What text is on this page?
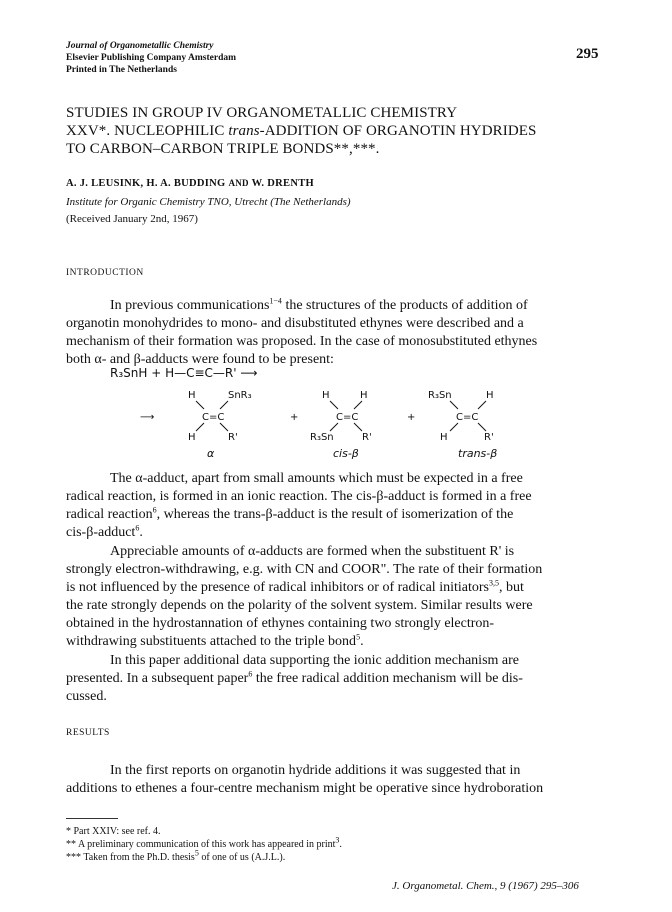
Journal of Organometallic Chemistry
Elsevier Publishing Company Amsterdam
Printed in The Netherlands
295
STUDIES IN GROUP IV ORGANOMETALLIC CHEMISTRY
XXV*. NUCLEOPHILIC trans-ADDITION OF ORGANOTIN HYDRIDES
TO CARBON–CARBON TRIPLE BONDS**,***.
A. J. LEUSINK, H. A. BUDDING AND W. DRENTH
Institute for Organic Chemistry TNO, Utrecht (The Netherlands)
(Received January 2nd, 1967)
INTRODUCTION
In previous communications$^{1-4}$ the structures of the products of addition of
organotin monohydrides to mono- and disubstituted ethynes were described and a
mechanism of their formation was proposed. In the case of monosubstituted ethynes
both α- and β-adducts were found to be present:
R₃SnH + H—C≡C—R' ⟶
⟶	+	+
H	SnR₃
C=C
H	R'
α
H	H
C=C
R₃Sn	R'
cis-β
R₃Sn	H
C=C
H	R'
trans-β
The α-adduct, apart from small amounts which must be expected in a free
radical reaction, is formed in an ionic reaction. The cis-β-adduct is formed in a free
radical reaction$^6$, whereas the trans-β-adduct is the result of isomerization of the
cis-β-adduct$^6$.
Appreciable amounts of α-adducts are formed when the substituent R' is
strongly electron-withdrawing, e.g. with CN and COOR". The rate of their formation
is not influenced by the presence of radical inhibitors or of radical initiators$^{3,5}$, but
the rate strongly depends on the polarity of the solvent system. Similar results were
obtained in the hydrostannation of ethynes containing two strongly electron-
withdrawing substituents attached to the triple bond$^5$.
In this paper additional data supporting the ionic addition mechanism are
presented. In a subsequent paper$^6$ the free radical addition mechanism will be dis-
cussed.
RESULTS
In the first reports on organotin hydride additions it was suggested that in
additions to ethenes a four-centre mechanism might be operative since hydroboration
* Part XXIV: see ref. 4.
** A preliminary communication of this work has appeared in print$^3$.
*** Taken from the Ph.D. thesis$^5$ of one of us (A.J.L.).
J. Organometal. Chem., 9 (1967) 295–306
